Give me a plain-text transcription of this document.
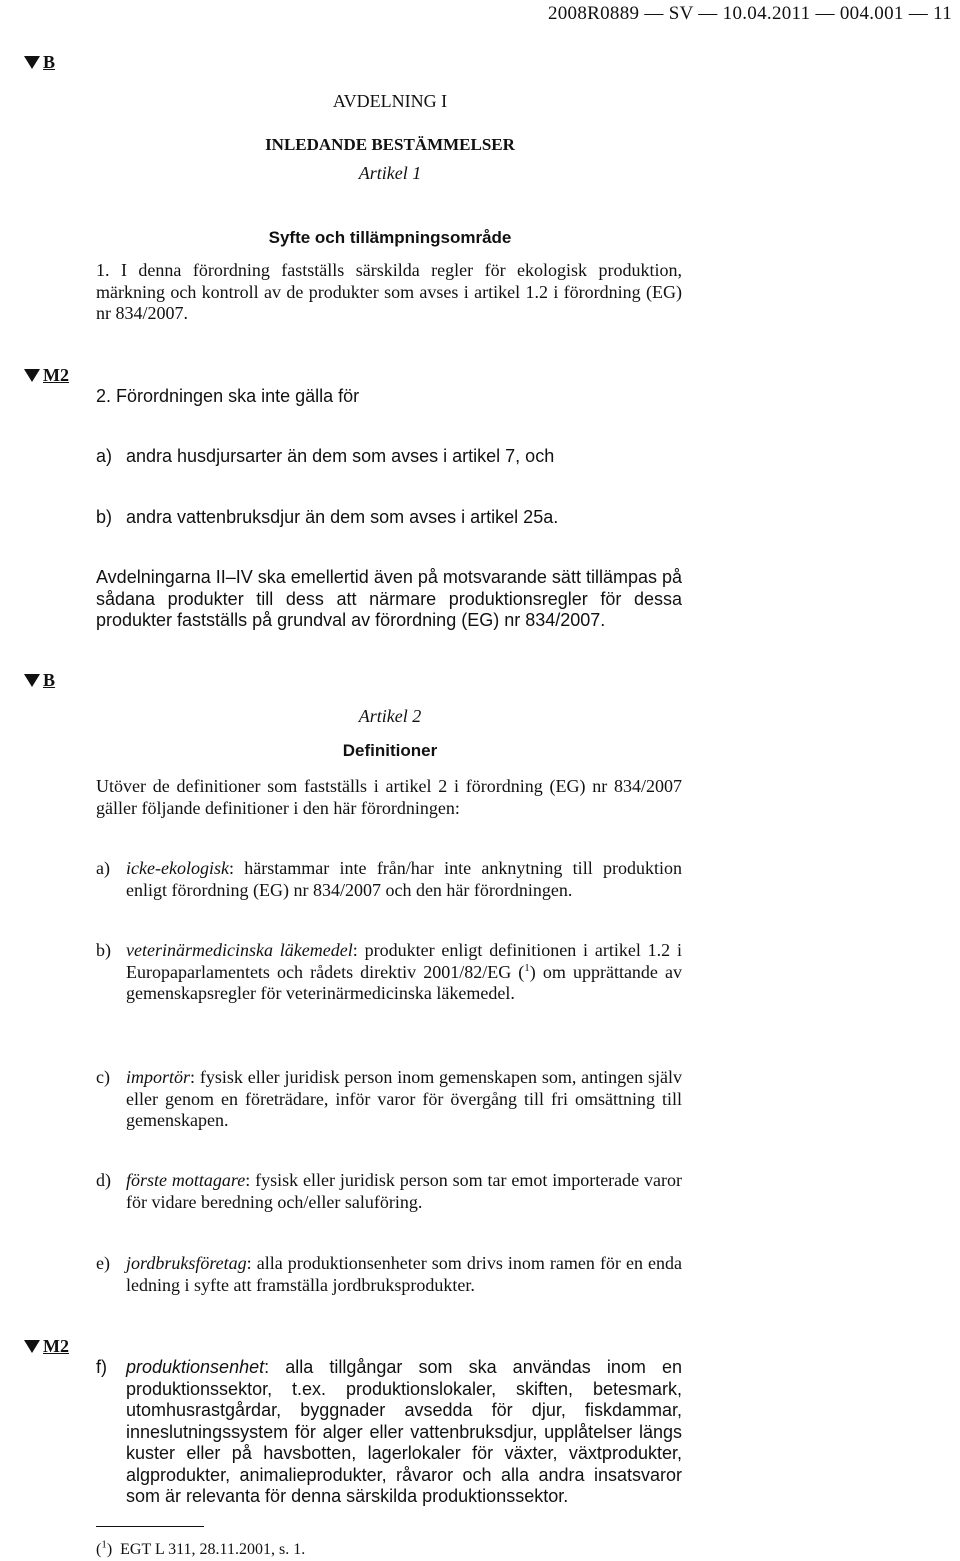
2008R0889 — SV — 10.04.2011 — 004.001 — 11
B
AVDELNING I
INLEDANDE BESTÄMMELSER
Artikel 1
Syfte och tillämpningsområde
1. I denna förordning fastställs särskilda regler för ekologisk produktion, märkning och kontroll av de produkter som avses i artikel 1.2 i förordning (EG) nr 834/2007.
M2
2. Förordningen ska inte gälla för
a) andra husdjursarter än dem som avses i artikel 7, och
b) andra vattenbruksdjur än dem som avses i artikel 25a.
Avdelningarna II–IV ska emellertid även på motsvarande sätt tillämpas på sådana produkter till dess att närmare produktionsregler för dessa produkter fastställs på grundval av förordning (EG) nr 834/2007.
B
Artikel 2
Definitioner
Utöver de definitioner som fastställs i artikel 2 i förordning (EG) nr 834/2007 gäller följande definitioner i den här förordningen:
a) icke-ekologisk: härstammar inte från/har inte anknytning till produktion enligt förordning (EG) nr 834/2007 och den här förordningen.
b) veterinärmedicinska läkemedel: produkter enligt definitionen i artikel 1.2 i Europaparlamentets och rådets direktiv 2001/82/EG ($^1$) om upprättande av gemenskapsregler för veterinärmedicinska läkemedel.
c) importör: fysisk eller juridisk person inom gemenskapen som, antingen själv eller genom en företrädare, inför varor för övergång till fri omsättning till gemenskapen.
d) förste mottagare: fysisk eller juridisk person som tar emot importerade varor för vidare beredning och/eller saluföring.
e) jordbruksföretag: alla produktionsenheter som drivs inom ramen för en enda ledning i syfte att framställa jordbruksprodukter.
M2
f) produktionsenhet: alla tillgångar som ska användas inom en produktionssektor, t.ex. produktionslokaler, skiften, betesmark, utomhusrastgårdar, byggnader avsedda för djur, fiskdammar, inneslutningssystem för alger eller vattenbruksdjur, upplåtelser längs kuster eller på havsbotten, lagerlokaler för växter, växtprodukter, algprodukter, animalieprodukter, råvaror och alla andra insatsvaror som är relevanta för denna särskilda produktionssektor.
($^1$)  EGT L 311, 28.11.2001, s. 1.
